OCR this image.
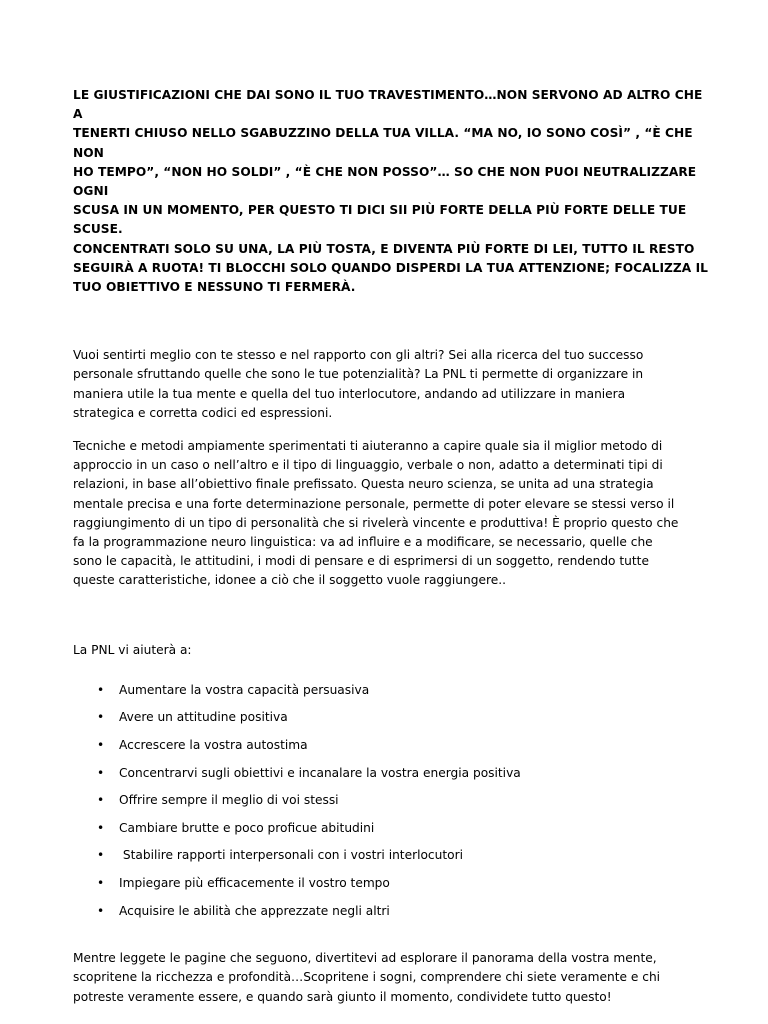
LE GIUSTIFICAZIONI CHE DAI SONO IL TUO TRAVESTIMENTO…NON SERVONO AD ALTRO CHE A
TENERTI CHIUSO NELLO SGABUZZINO DELLA TUA VILLA. “MA NO, IO SONO COSÌ” , “È CHE NON
HO TEMPO”, “NON HO SOLDI” , “È CHE NON POSSO”… SO CHE NON PUOI NEUTRALIZZARE OGNI
SCUSA IN UN MOMENTO, PER QUESTO TI DICI SII PIÙ FORTE DELLA PIÙ FORTE DELLE TUE SCUSE.
CONCENTRATI SOLO SU UNA, LA PIÙ TOSTA, E DIVENTA PIÙ FORTE DI LEI, TUTTO IL RESTO
SEGUIRÀ A RUOTA! TI BLOCCHI SOLO QUANDO DISPERDI LA TUA ATTENZIONE; FOCALIZZA IL
TUO OBIETTIVO E NESSUNO TI FERMERÀ.

Vuoi sentirti meglio con te stesso e nel rapporto con gli altri? Sei alla ricerca del tuo successo
personale sfruttando quelle che sono le tue potenzialità? La PNL ti permette di organizzare in
maniera utile la tua mente e quella del tuo interlocutore, andando ad utilizzare in maniera
strategica e corretta codici ed espressioni.

Tecniche e metodi ampiamente sperimentati ti aiuteranno a capire quale sia il miglior metodo di
approccio in un caso o nell’altro e il tipo di linguaggio, verbale o non, adatto a determinati tipi di
relazioni, in base all’obiettivo finale prefissato. Questa neuro scienza, se unita ad una strategia
mentale precisa e una forte determinazione personale, permette di poter elevare se stessi verso il
raggiungimento di un tipo di personalità che si rivelerà vincente e produttiva! È proprio questo che
fa la programmazione neuro linguistica: va ad influire e a modificare, se necessario, quelle che
sono le capacità, le attitudini, i modi di pensare e di esprimersi di un soggetto, rendendo tutte
queste caratteristiche, idonee a ciò che il soggetto vuole raggiungere..

La PNL vi aiuterà a:

• Aumentare la vostra capacità persuasiva
• Avere un attitudine positiva
• Accrescere la vostra autostima
• Concentrarvi sugli obiettivi e incanalare la vostra energia positiva
• Offrire sempre il meglio di voi stessi
• Cambiare brutte e poco proficue abitudini
• Stabilire rapporti interpersonali con i vostri interlocutori
• Impiegare più efficacemente il vostro tempo
• Acquisire le abilità che apprezzate negli altri

Mentre leggete le pagine che seguono, divertitevi ad esplorare il panorama della vostra mente,
scopritene la ricchezza e profondità…Scopritene i sogni, comprendere chi siete veramente e chi
potreste veramente essere, e quando sarà giunto il momento, condividete tutto questo!
